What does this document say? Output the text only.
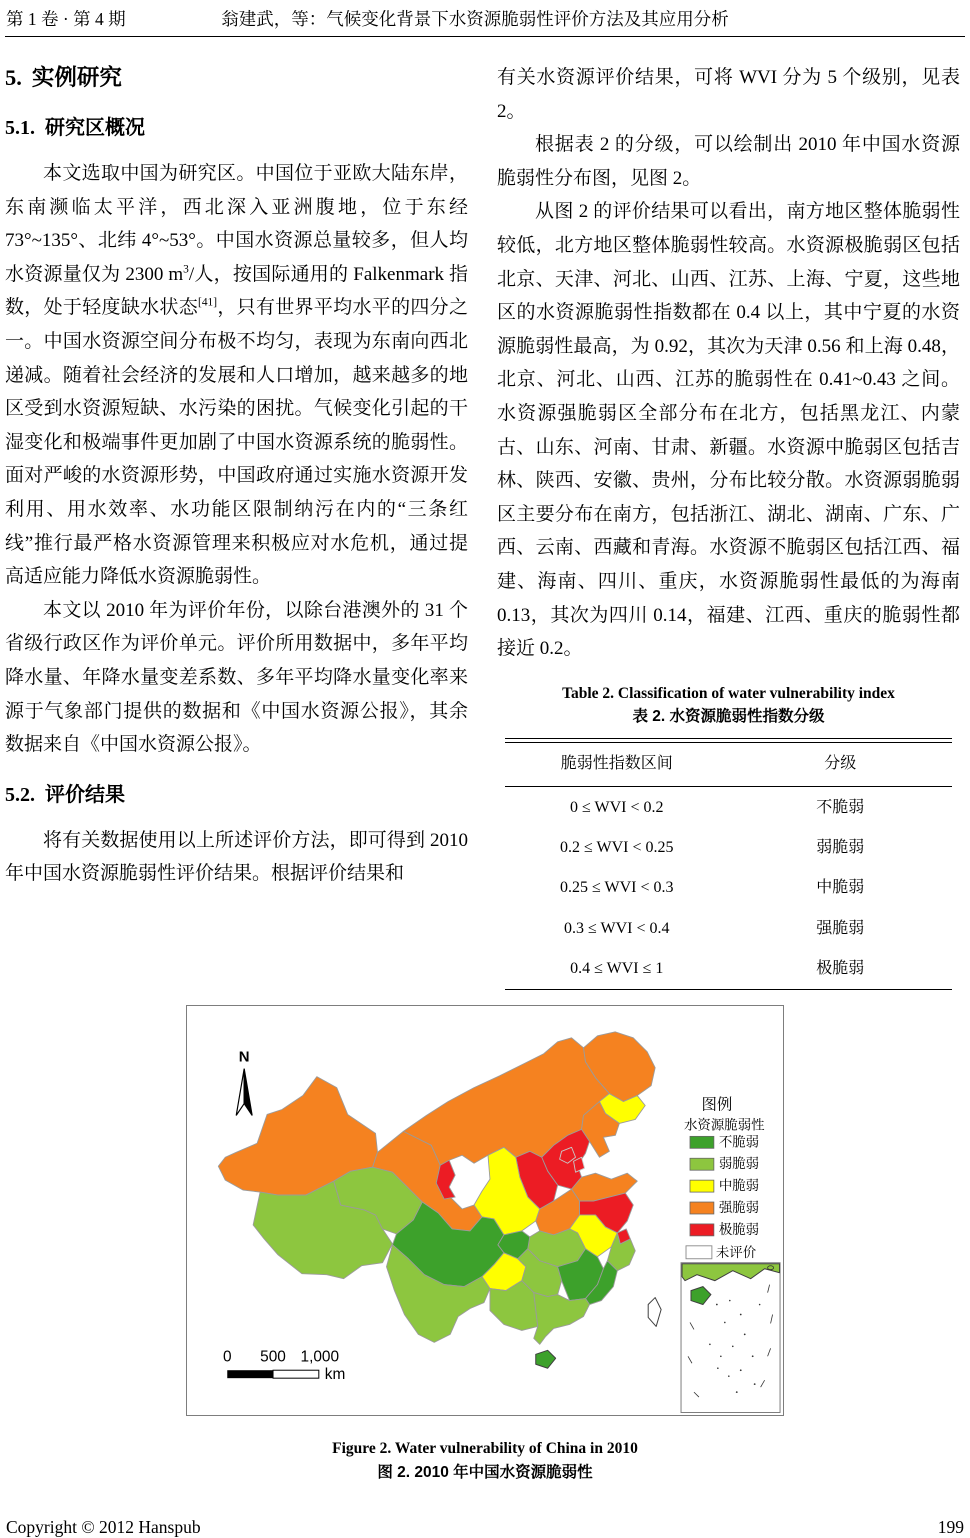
第 1 卷 · 第 4 期	翁建武，等：气候变化背景下水资源脆弱性评价方法及其应用分析
5. 实例研究
5.1. 研究区概况

本文选取中国为研究区。中国位于亚欧大陆东岸，东南濒临太平洋，西北深入亚洲腹地，位于东经 73°~135°、北纬 4°~53°。中国水资源总量较多，但人均水资源量仅为 2300 $m^3/$人，按国际通用的 Falkenmark 指数，处于轻度缺水状态[41]，只有世界平均水平的四分之一。中国水资源空间分布极不均匀，表现为东南向西北递减。随着社会经济的发展和人口增加，越来越多的地区受到水资源短缺、水污染的困扰。气候变化引起的干湿变化和极端事件更加剧了中国水资源系统的脆弱性。面对严峻的水资源形势，中国政府通过实施水资源开发利用、用水效率、水功能区限制纳污在内的“三条红线”推行最严格水资源管理来积极应对水危机，通过提高适应能力降低水资源脆弱性。

本文以 2010 年为评价年份，以除台港澳外的 31 个省级行政区作为评价单元。评价所用数据中，多年平均降水量、年降水量变差系数、多年平均降水量变化率来源于气象部门提供的数据和《中国水资源公报》，其余数据来自《中国水资源公报》。

5.2. 评价结果

将有关数据使用以上所述评价方法，即可得到 2010 年中国水资源脆弱性评价结果。根据评价结果和

有关水资源评价结果，可将 WVI 分为 5 个级别，见表 2。

根据表 2 的分级，可以绘制出 2010 年中国水资源脆弱性分布图，见图 2。

从图 2 的评价结果可以看出，南方地区整体脆弱性较低，北方地区整体脆弱性较高。水资源极脆弱区包括北京、天津、河北、山西、江苏、上海、宁夏，这些地区的水资源脆弱性指数都在 0.4 以上，其中宁夏的水资源脆弱性最高，为 0.92，其次为天津 0.56 和上海 0.48，北京、河北、山西、江苏的脆弱性在 0.41~0.43 之间。水资源强脆弱区全部分布在北方，包括黑龙江、内蒙古、山东、河南、甘肃、新疆。水资源中脆弱区包括吉林、陕西、安徽、贵州，分布比较分散。水资源弱脆弱区主要分布在南方，包括浙江、湖北、湖南、广东、广西、云南、西藏和青海。水资源不脆弱区包括江西、福建、海南、四川、重庆，水资源脆弱性最低的为海南 0.13，其次为四川 0.14，福建、江西、重庆的脆弱性都接近 0.2。

Table 2. Classification of water vulnerability index
表 2. 水资源脆弱性指数分级
脆弱性指数区间	分级
0 ≤ WVI < 0.2	不脆弱
0.2 ≤ WVI < 0.25	弱脆弱
0.25 ≤ WVI < 0.3	中脆弱
0.3 ≤ WVI < 0.4	强脆弱
0.4 ≤ WVI ≤ 1	极脆弱
N
图例
水资源脆弱性
不脆弱
弱脆弱
中脆弱
强脆弱
极脆弱
未评价
0 500 1,000
km
Figure 2. Water vulnerability of China in 2010
图 2. 2010 年中国水资源脆弱性
Copyright © 2012 Hanspub	199
